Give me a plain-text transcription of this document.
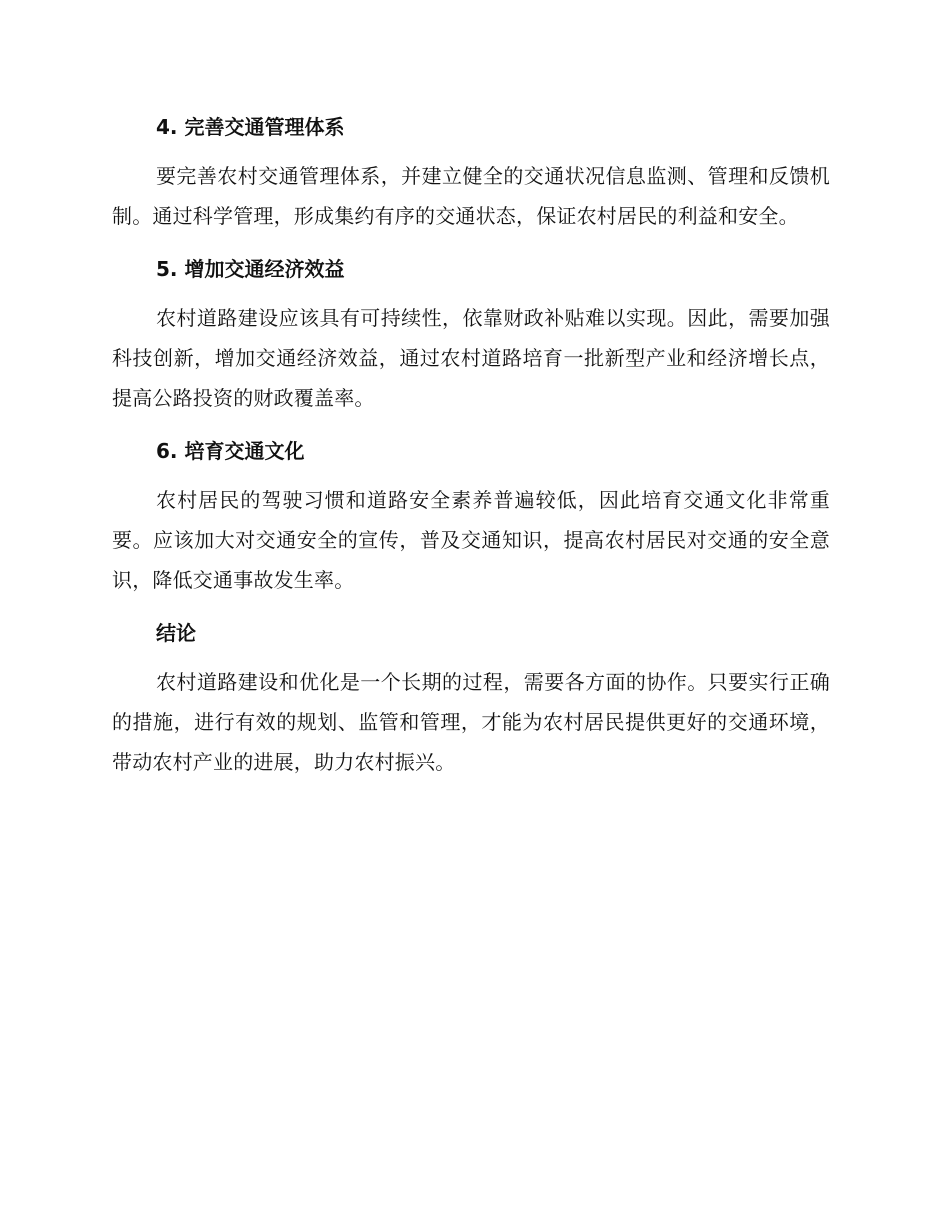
4. 完善交通管理体系

要完善农村交通管理体系，并建立健全的交通状况信息监测、管理和反馈机制。通过科学管理，形成集约有序的交通状态，保证农村居民的利益和安全。

5. 增加交通经济效益

农村道路建设应该具有可持续性，依靠财政补贴难以实现。因此，需要加强科技创新，增加交通经济效益，通过农村道路培育一批新型产业和经济增长点，提高公路投资的财政覆盖率。

6. 培育交通文化

农村居民的驾驶习惯和道路安全素养普遍较低，因此培育交通文化非常重要。应该加大对交通安全的宣传，普及交通知识，提高农村居民对交通的安全意识，降低交通事故发生率。

结论

农村道路建设和优化是一个长期的过程，需要各方面的协作。只要实行正确的措施，进行有效的规划、监管和管理，才能为农村居民提供更好的交通环境，带动农村产业的进展，助力农村振兴。
